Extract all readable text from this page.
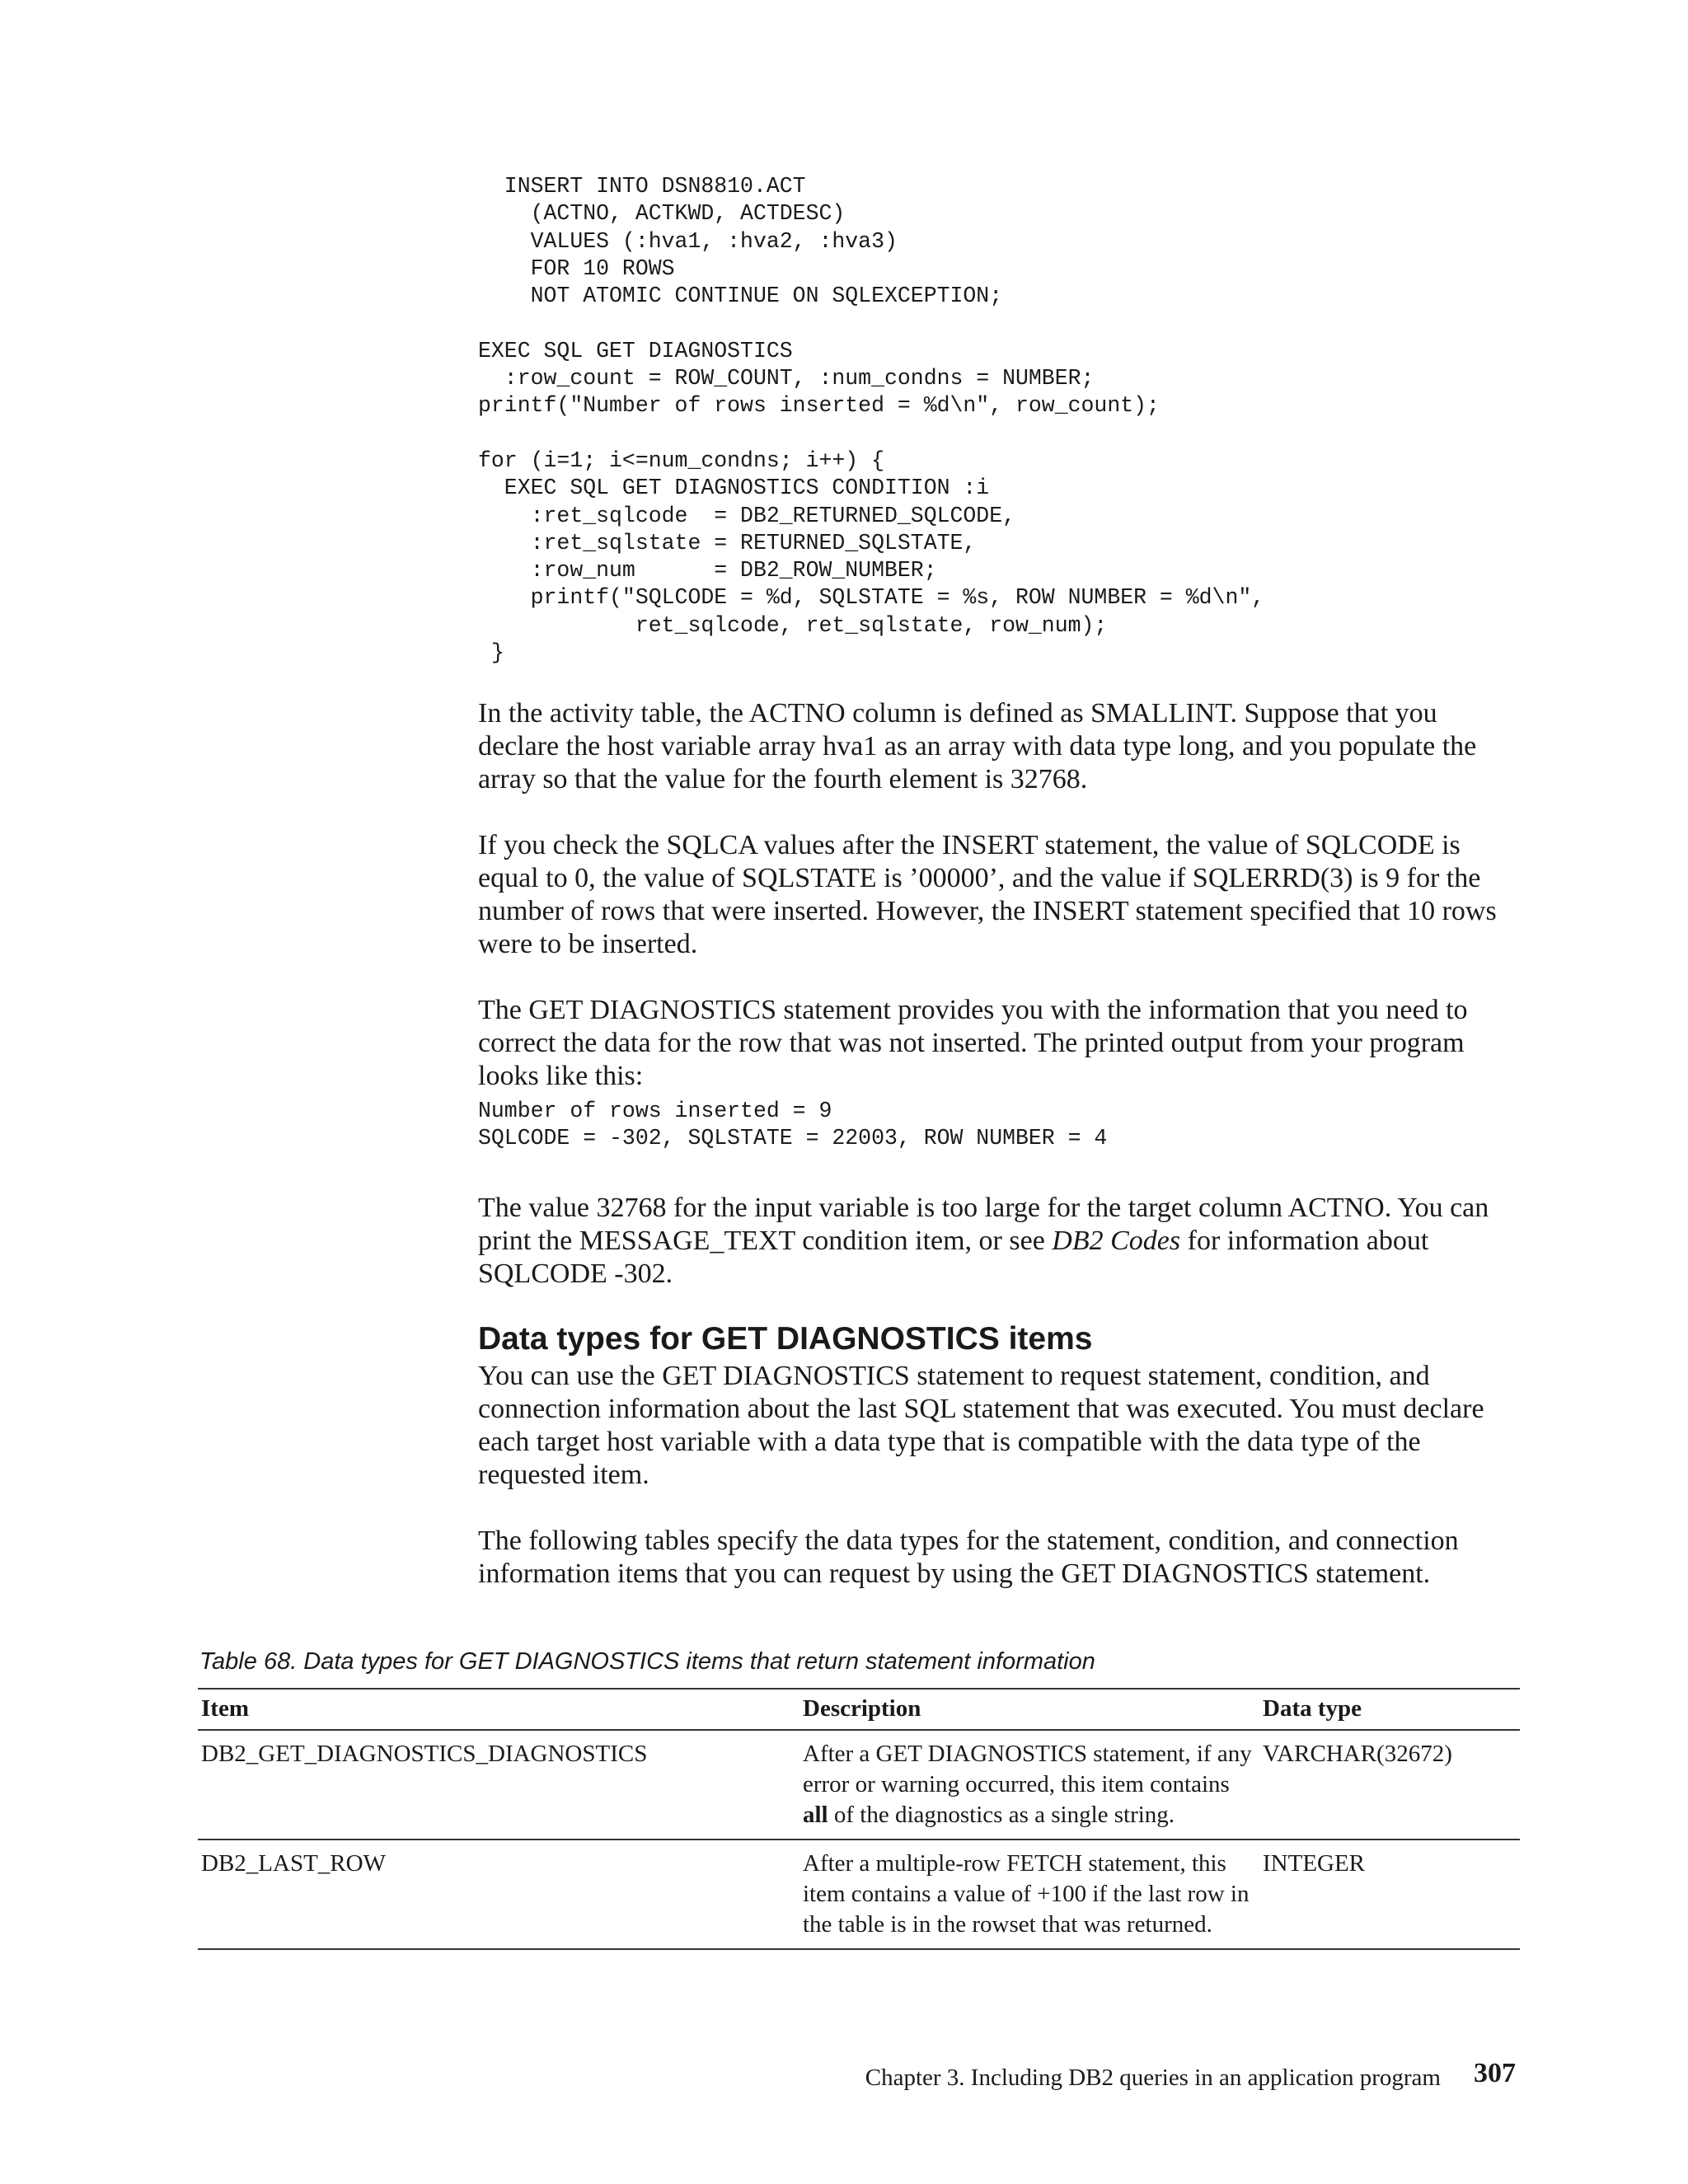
INSERT INTO DSN8810.ACT
(ACTNO, ACTKWD, ACTDESC)
VALUES (:hva1, :hva2, :hva3)
FOR 10 ROWS
NOT ATOMIC CONTINUE ON SQLEXCEPTION;

EXEC SQL GET DIAGNOSTICS
:row_count = ROW_COUNT, :num_condns = NUMBER;
printf("Number of rows inserted = %d\n", row_count);

for (i=1; i<=num_condns; i++) {
EXEC SQL GET DIAGNOSTICS CONDITION :i
:ret_sqlcode  = DB2_RETURNED_SQLCODE,
:ret_sqlstate = RETURNED_SQLSTATE,
:row_num      = DB2_ROW_NUMBER;
printf("SQLCODE = %d, SQLSTATE = %s, ROW NUMBER = %d\n",
ret_sqlcode, ret_sqlstate, row_num);
}

In the activity table, the ACTNO column is defined as SMALLINT. Suppose that you declare the host variable array hva1 as an array with data type long, and you populate the array so that the value for the fourth element is 32768.

If you check the SQLCA values after the INSERT statement, the value of SQLCODE is equal to 0, the value of SQLSTATE is ’00000’, and the value if SQLERRD(3) is 9 for the number of rows that were inserted. However, the INSERT statement specified that 10 rows were to be inserted.

The GET DIAGNOSTICS statement provides you with the information that you need to correct the data for the row that was not inserted. The printed output from your program looks like this:

Number of rows inserted = 9
SQLCODE = -302, SQLSTATE = 22003, ROW NUMBER = 4

The value 32768 for the input variable is too large for the target column ACTNO. You can print the MESSAGE_TEXT condition item, or see DB2 Codes for information about SQLCODE -302.

Data types for GET DIAGNOSTICS items

You can use the GET DIAGNOSTICS statement to request statement, condition, and connection information about the last SQL statement that was executed. You must declare each target host variable with a data type that is compatible with the data type of the requested item.

The following tables specify the data types for the statement, condition, and connection information items that you can request by using the GET DIAGNOSTICS statement.

Table 68. Data types for GET DIAGNOSTICS items that return statement information

Item	Description	Data type
DB2_GET_DIAGNOSTICS_DIAGNOSTICS	After a GET DIAGNOSTICS statement, if any error or warning occurred, this item contains all of the diagnostics as a single string.	VARCHAR(32672)
DB2_LAST_ROW	After a multiple-row FETCH statement, this item contains a value of +100 if the last row in the table is in the rowset that was returned.	INTEGER
Chapter 3. Including DB2 queries in an application program 307
